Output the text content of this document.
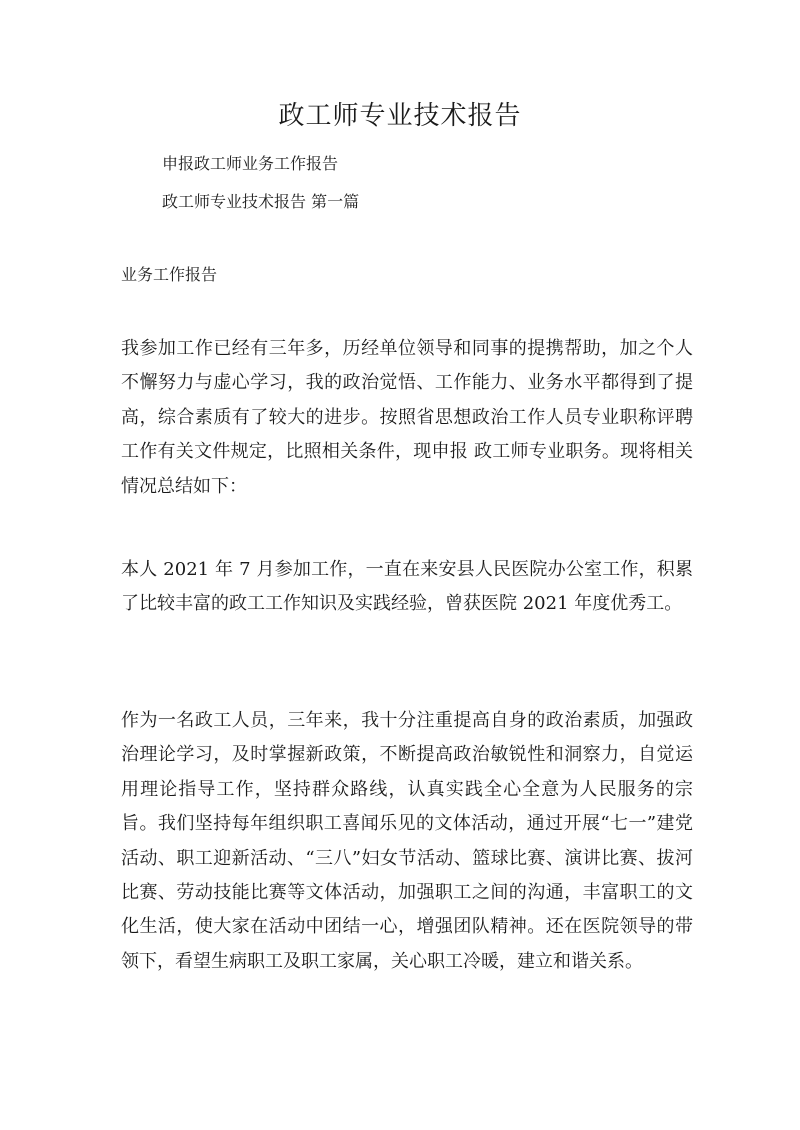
政工师专业技术报告
申报政工师业务工作报告
政工师专业技术报告 第一篇
业务工作报告

我参加工作已经有三年多，历经单位领导和同事的提携帮助，加之个人不懈努力与虚心学习，我的政治觉悟、工作能力、业务水平都得到了提高，综合素质有了较大的进步。按照省思想政治工作人员专业职称评聘工作有关文件规定，比照相关条件，现申报 政工师专业职务。现将相关情况总结如下：

本人 2021 年 7 月参加工作，一直在来安县人民医院办公室工作，积累了比较丰富的政工工作知识及实践经验，曾获医院 2021 年度优秀工。

作为一名政工人员，三年来，我十分注重提高自身的政治素质，加强政治理论学习，及时掌握新政策，不断提高政治敏锐性和洞察力，自觉运用理论指导工作，坚持群众路线，认真实践全心全意为人民服务的宗旨。我们坚持每年组织职工喜闻乐见的文体活动，通过开展“七一”建党活动、职工迎新活动、“三八”妇女节活动、篮球比赛、演讲比赛、拔河比赛、劳动技能比赛等文体活动，加强职工之间的沟通，丰富职工的文化生活，使大家在活动中团结一心，增强团队精神。还在医院领导的带领下，看望生病职工及职工家属，关心职工冷暖，建立和谐关系。
